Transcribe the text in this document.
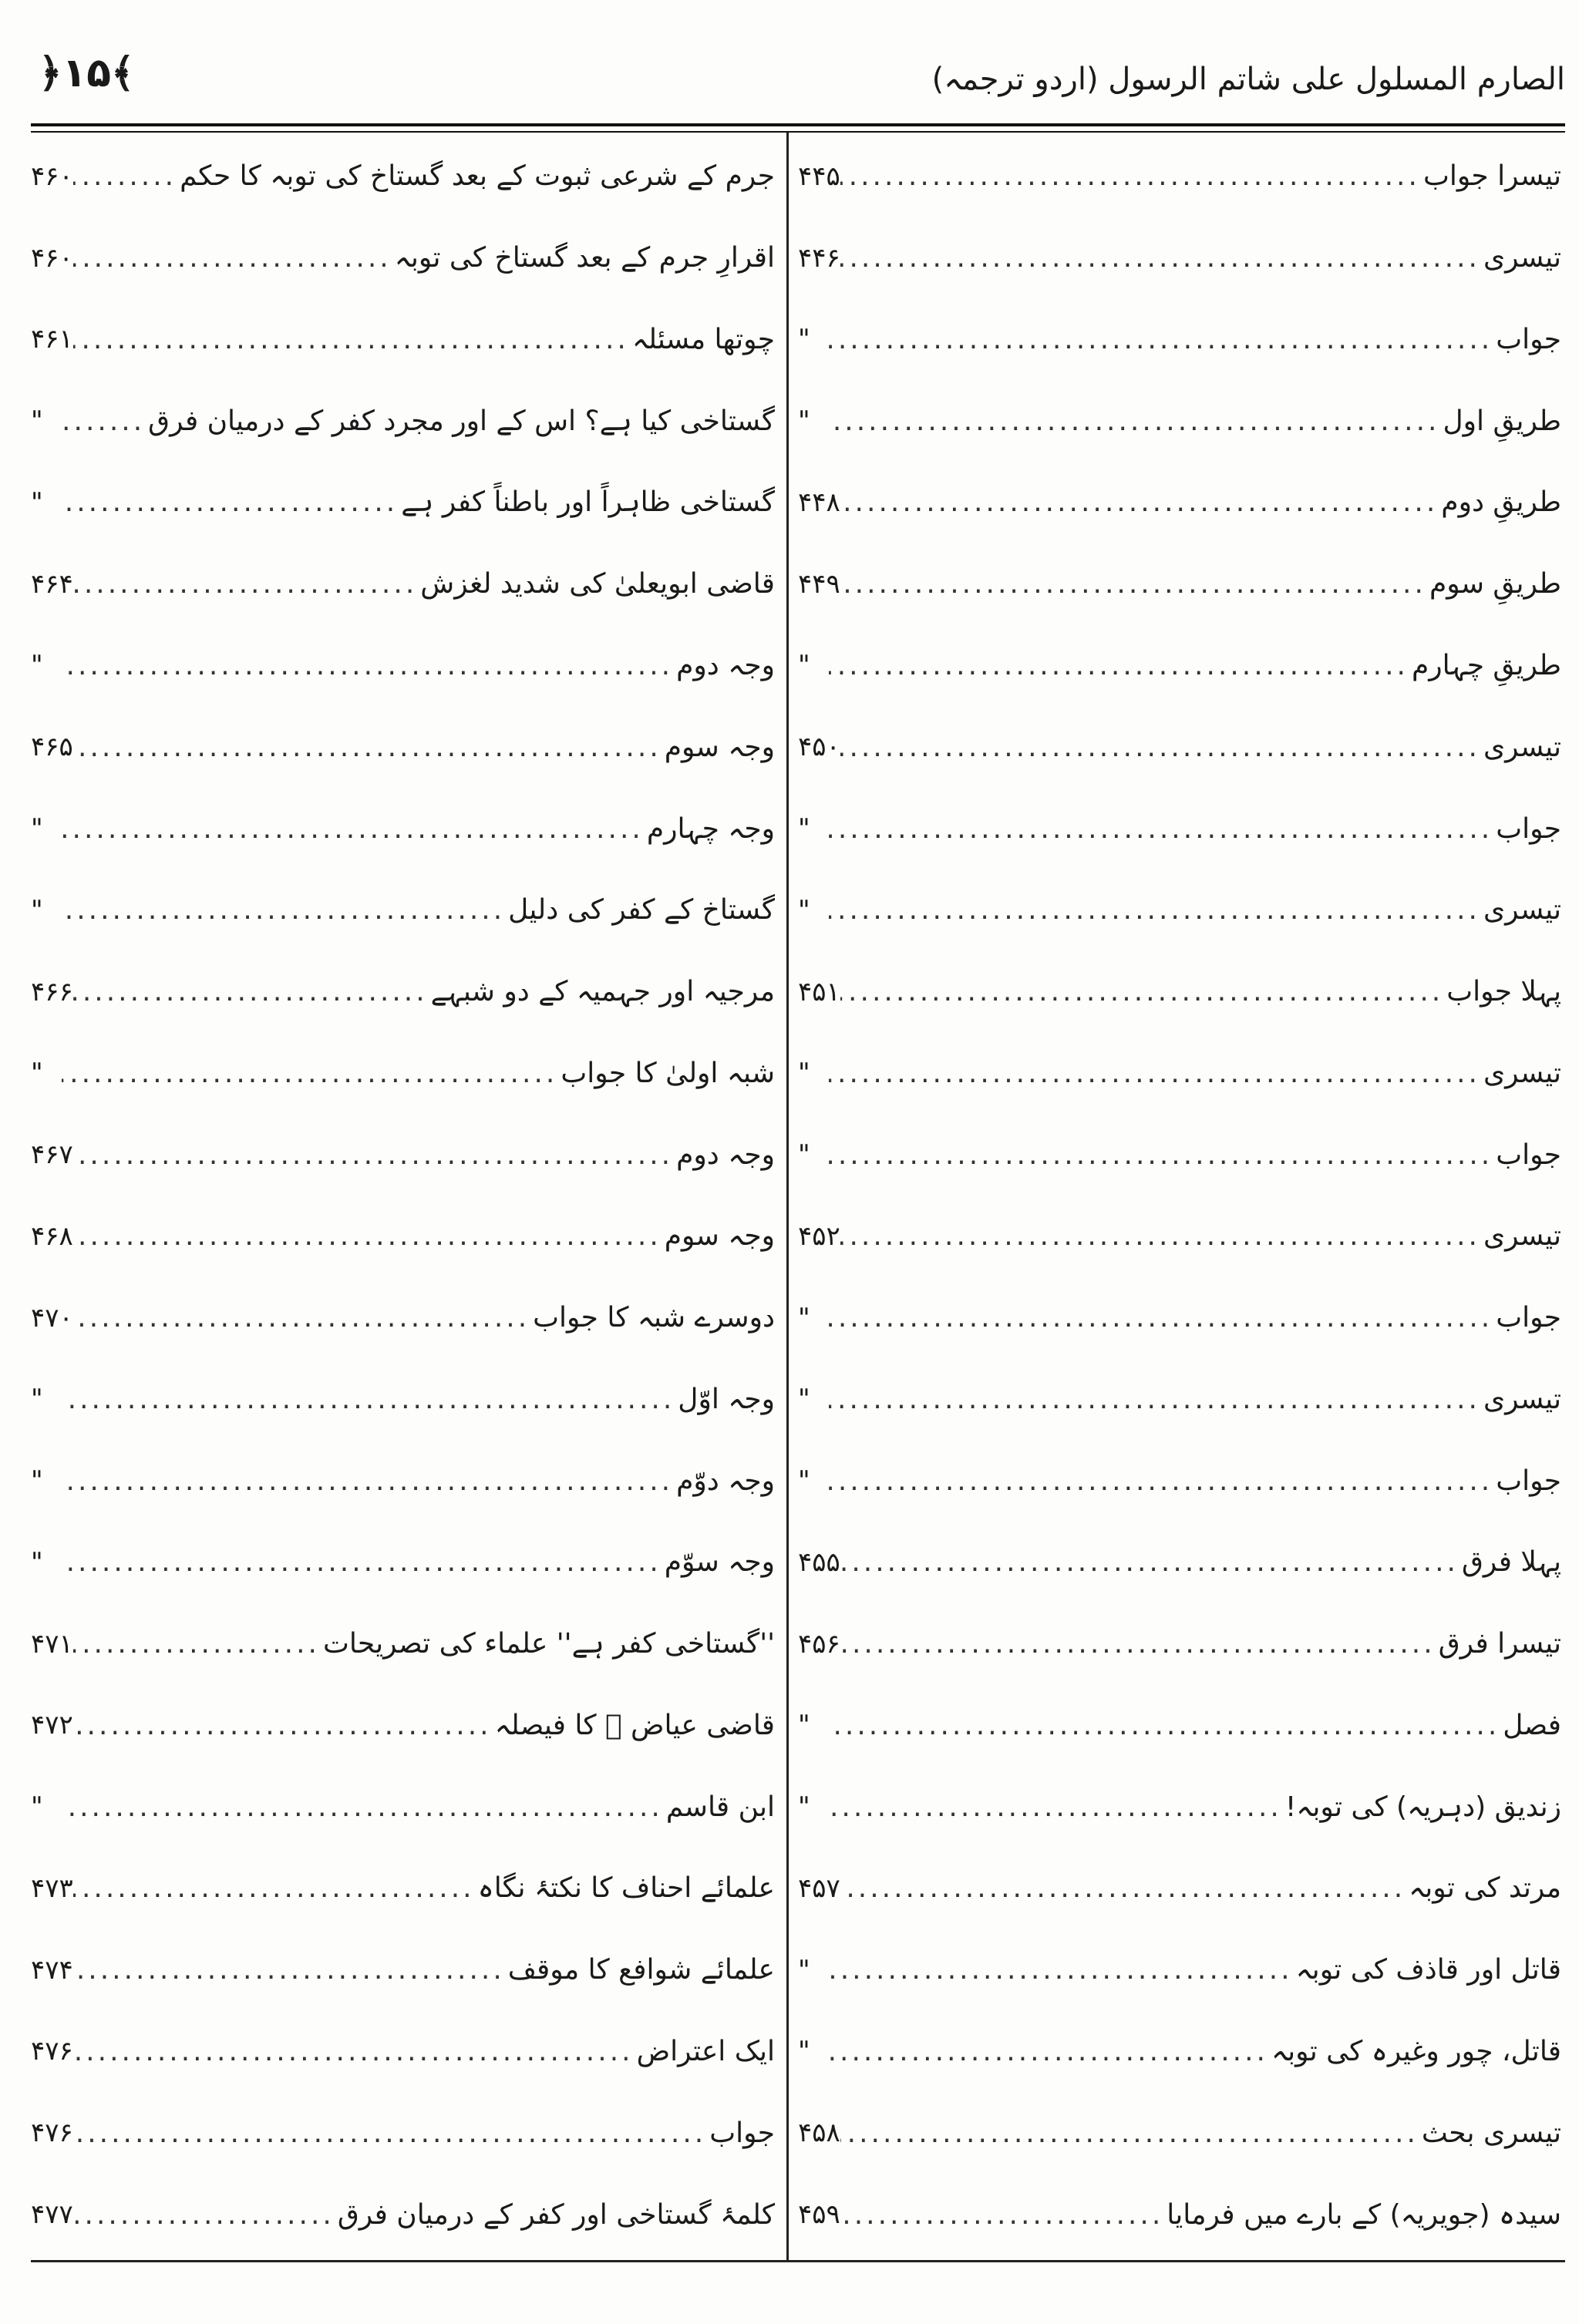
﴿۱۵﴾	الصارم المسلول علی شاتم الرسول (اردو ترجمہ)
جرم کے شرعی ثبوت کے بعد گستاخ کی توبہ کا حکم
.....
۴۶۰
اقرارِ جرم کے بعد گستاخ کی توبہ
.....
۴۶۰
چوتھا مسئلہ
.....
۴۶۱
گستاخی کیا ہے؟ اس کے اور مجرد کفر کے درمیان فرق
.....
"
گستاخی ظاہراً اور باطناً کفر ہے
.....
"
قاضی ابویعلیٰ کی شدید لغزش
.....
۴۶۴
وجہ دوم
.....
"
وجہ سوم
.....
۴۶۵
وجہ چہارم
.....
"
گستاخ کے کفر کی دلیل
.....
"
مرجیہ اور جہمیہ کے دو شبہے
.....
۴۶۶
شبہ اولیٰ کا جواب
.....
"
وجہ دوم
.....
۴۶۷
وجہ سوم
.....
۴۶۸
دوسرے شبہ کا جواب
.....
۴۷۰
وجہ اوّل
.....
"
وجہ دوّم
.....
"
وجہ سوّم
.....
"
''گستاخی کفر ہے'' علماء کی تصریحات
.....
۴۷۱
قاضی عیاض ﷫ کا فیصلہ
.....
۴۷۲
ابن قاسم
.....
"
علمائے احناف کا نکتۂ نگاہ
.....
۴۷۳
علمائے شوافع کا موقف
.....
۴۷۴
ایک اعتراض
.....
۴۷۶
جواب
.....
۴۷۶
کلمۂ گستاخی اور کفر کے درمیان فرق
.....
۴۷۷
تیسرا جواب
.....
۴۴۵
تیسری
.....
۴۴۶
جواب
.....
"
طریقِ اول
.....
"
طریقِ دوم
.....
۴۴۸
طریقِ سوم
.....
۴۴۹
طریقِ چہارم
.....
"
تیسری
.....
۴۵۰
جواب
.....
"
تیسری
.....
"
پہلا جواب
.....
۴۵۱
تیسری
.....
"
جواب
.....
"
تیسری
.....
۴۵۲
جواب
.....
"
تیسری
.....
"
جواب
.....
"
پہلا فرق
.....
۴۵۵
تیسرا فرق
.....
۴۵۶
فصل
.....
"
زندیق (دہریہ) کی توبہ!
.....
"
مرتد کی توبہ
.....
۴۵۷
قاتل اور قاذف کی توبہ
.....
"
قاتل، چور وغیرہ کی توبہ
.....
"
تیسری بحث
.....
۴۵۸
سیدہ (جویریہ) کے بارے میں فرمایا
.....
۴۵۹
